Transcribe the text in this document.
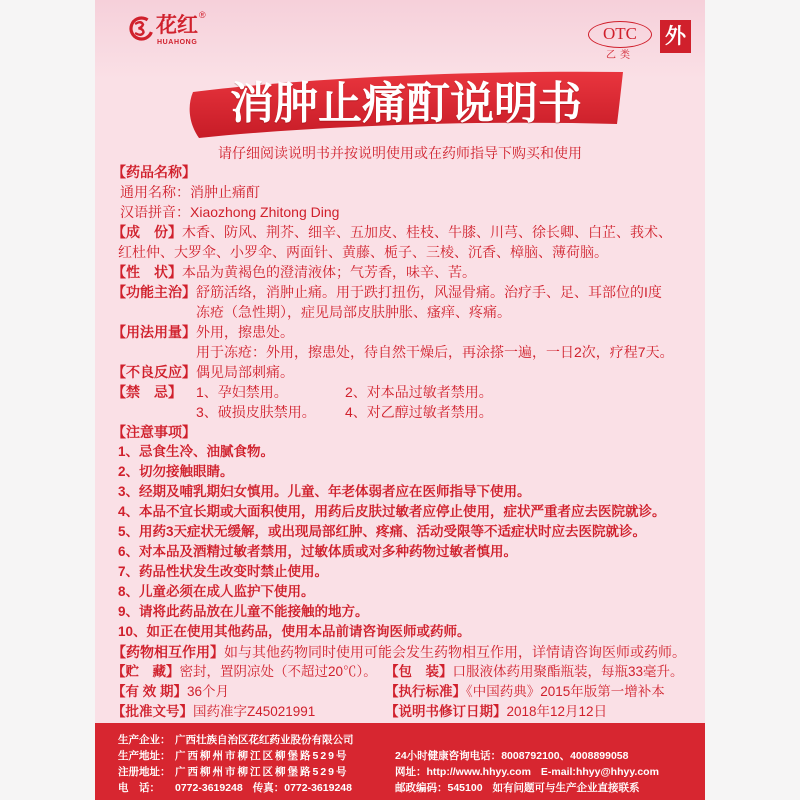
花红 ®
HUAHONG	OTC
乙类
外
消肿止痛酊说明书
请仔细阅读说明书并按说明使用或在药师指导下购买和使用
【药品名称】
通用名称：消肿止痛酊
汉语拼音：Xiaozhong Zhitong Ding
【成　份】木香、防风、荆芥、细辛、五加皮、桂枝、牛膝、川芎、徐长卿、白芷、莪术、
红杜仲、大罗伞、小罗伞、两面针、黄藤、栀子、三棱、沉香、樟脑、薄荷脑。
【性　状】本品为黄褐色的澄清液体；气芳香，味辛、苦。
【功能主治】舒筋活络，消肿止痛。用于跌打扭伤，风湿骨痛。治疗手、足、耳部位的I度
冻疮（急性期），症见局部皮肤肿胀、瘙痒、疼痛。
【用法用量】外用，擦患处。
用于冻疮：外用，擦患处，待自然干燥后，再涂搽一遍，一日2次，疗程7天。
【不良反应】偶见局部刺痛。
【禁　忌】 1、孕妇禁用。	2、对本品过敏者禁用。
3、破损皮肤禁用。 4、对乙醇过敏者禁用。
【注意事项】
1、忌食生冷、油腻食物。
2、切勿接触眼睛。
3、经期及哺乳期妇女慎用。儿童、年老体弱者应在医师指导下使用。
4、本品不宜长期或大面积使用，用药后皮肤过敏者应停止使用，症状严重者应去医院就诊。
5、用药3天症状无缓解，或出现局部红肿、疼痛、活动受限等不适症状时应去医院就诊。
6、对本品及酒精过敏者禁用，过敏体质或对多种药物过敏者慎用。
7、药品性状发生改变时禁止使用。
8、儿童必须在成人监护下使用。
9、请将此药品放在儿童不能接触的地方。
10、如正在使用其他药品，使用本品前请咨询医师或药师。
【药物相互作用】如与其他药物同时使用可能会发生药物相互作用，详情请咨询医师或药师。
【贮　藏】密封，置阴凉处（不超过20℃）。 【包　装】口服液体药用聚酯瓶装，每瓶33毫升。
【有 效 期】36个月	【执行标准】《中国药典》2015年版第一增补本
【批准文号】国药准字Z45021991	【说明书修订日期】2018年12月12日
生产企业： 广西壮族自治区花红药业股份有限公司
生产地址： 广西柳州市柳江区柳堡路529号	24小时健康咨询电话：8008792100、4008899058
注册地址： 广西柳州市柳江区柳堡路529号	网址：http://www.hhyy.com E-mail:hhyy@hhyy.com
电　话： 0772-3619248 传真：0772-3619248	邮政编码：545100 如有问题可与生产企业直接联系
